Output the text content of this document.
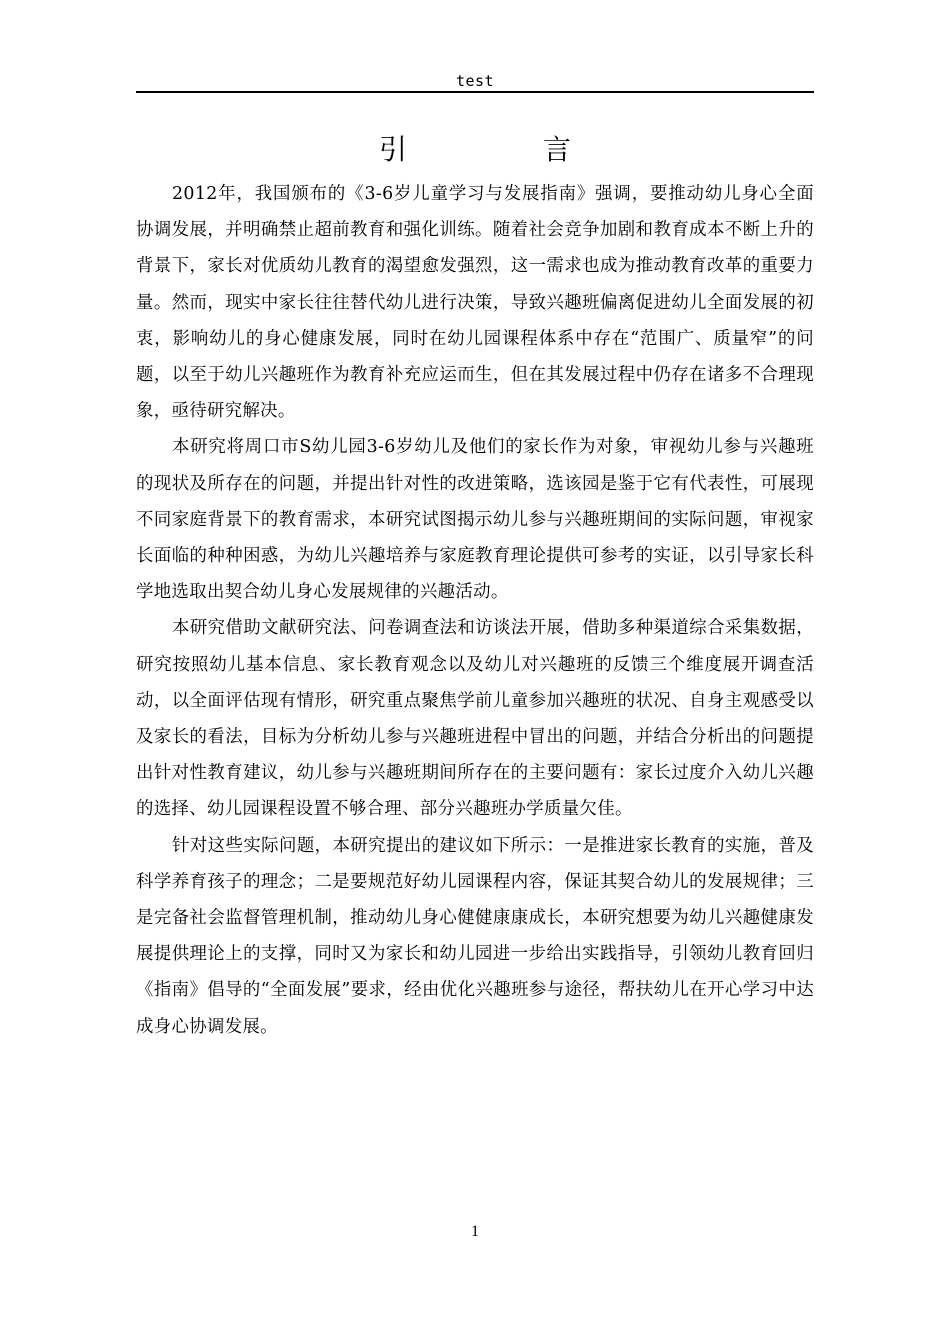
test
引　言

2012年，我国颁布的《3-6岁儿童学习与发展指南》强调，要推动幼儿身心全面协调发展，并明确禁止超前教育和强化训练。随着社会竞争加剧和教育成本不断上升的背景下，家长对优质幼儿教育的渴望愈发强烈，这一需求也成为推动教育改革的重要力量。然而，现实中家长往往替代幼儿进行决策，导致兴趣班偏离促进幼儿全面发展的初衷，影响幼儿的身心健康发展，同时在幼儿园课程体系中存在“范围广、质量窄”的问题，以至于幼儿兴趣班作为教育补充应运而生，但在其发展过程中仍存在诸多不合理现象，亟待研究解决。

本研究将周口市S幼儿园3-6岁幼儿及他们的家长作为对象，审视幼儿参与兴趣班的现状及所存在的问题，并提出针对性的改进策略，选该园是鉴于它有代表性，可展现不同家庭背景下的教育需求，本研究试图揭示幼儿参与兴趣班期间的实际问题，审视家长面临的种种困惑，为幼儿兴趣培养与家庭教育理论提供可参考的实证，以引导家长科学地选取出契合幼儿身心发展规律的兴趣活动。

本研究借助文献研究法、问卷调查法和访谈法开展，借助多种渠道综合采集数据，研究按照幼儿基本信息、家长教育观念以及幼儿对兴趣班的反馈三个维度展开调查活动，以全面评估现有情形，研究重点聚焦学前儿童参加兴趣班的状况、自身主观感受以及家长的看法，目标为分析幼儿参与兴趣班进程中冒出的问题，并结合分析出的问题提出针对性教育建议，幼儿参与兴趣班期间所存在的主要问题有：家长过度介入幼儿兴趣的选择、幼儿园课程设置不够合理、部分兴趣班办学质量欠佳。

针对这些实际问题，本研究提出的建议如下所示：一是推进家长教育的实施，普及科学养育孩子的理念；二是要规范好幼儿园课程内容，保证其契合幼儿的发展规律；三是完备社会监督管理机制，推动幼儿身心健健康康成长，本研究想要为幼儿兴趣健康发展提供理论上的支撑，同时又为家长和幼儿园进一步给出实践指导，引领幼儿教育回归《指南》倡导的“全面发展”要求，经由优化兴趣班参与途径，帮扶幼儿在开心学习中达成身心协调发展。

1
